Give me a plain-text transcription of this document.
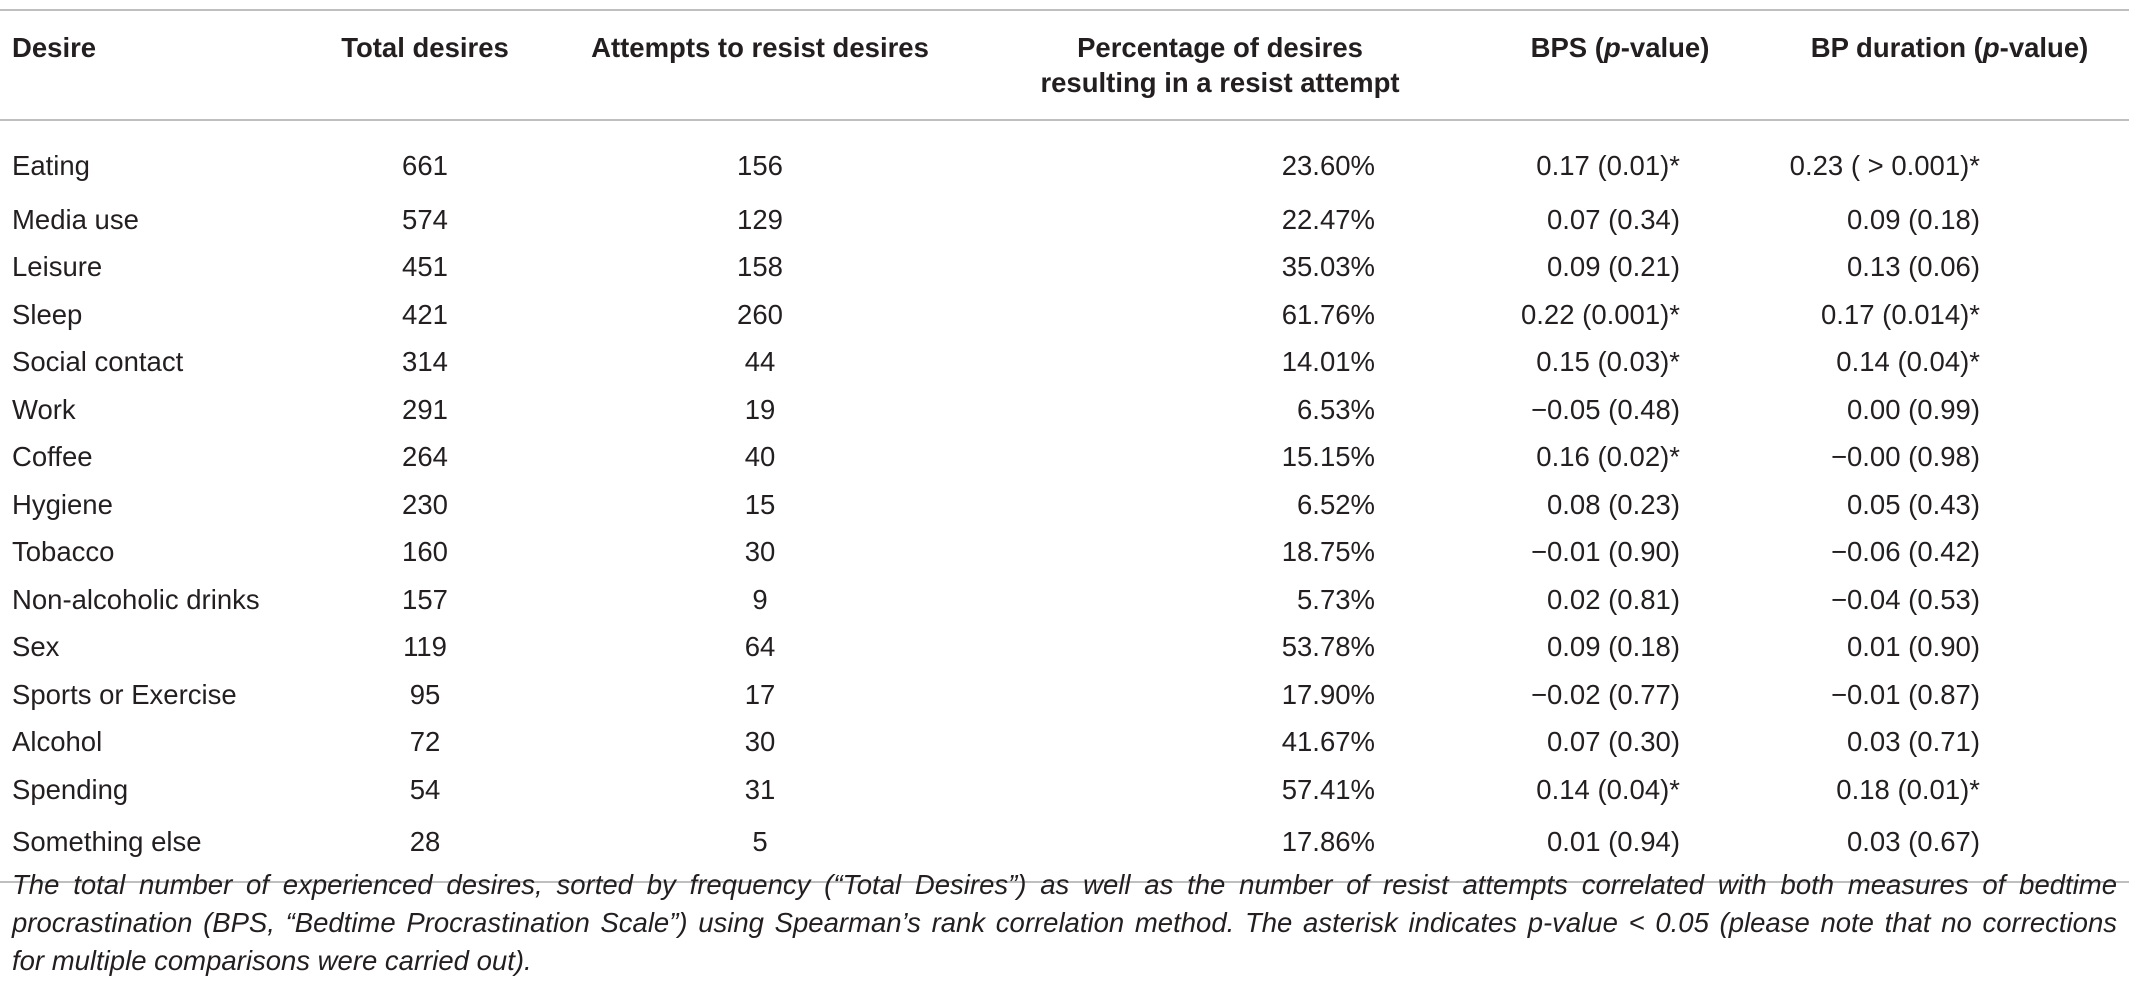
Desire	Total desires	Attempts to resist desires	Percentage of desires
resulting in a resist attempt	BPS (p-value)	BP duration (p-value)
Eating	661	156	23.60%	0.17 (0.01)*	0.23 ( > 0.001)*
Media use	574	129	22.47%	0.07 (0.34)	0.09 (0.18)
Leisure	451	158	35.03%	0.09 (0.21)	0.13 (0.06)
Sleep	421	260	61.76%	0.22 (0.001)*	0.17 (0.014)*
Social contact	314	44	14.01%	0.15 (0.03)*	0.14 (0.04)*
Work	291	19	6.53%	−0.05 (0.48)	0.00 (0.99)
Coffee	264	40	15.15%	0.16 (0.02)*	−0.00 (0.98)
Hygiene	230	15	6.52%	0.08 (0.23)	0.05 (0.43)
Tobacco	160	30	18.75%	−0.01 (0.90)	−0.06 (0.42)
Non-alcoholic drinks	157	9	5.73%	0.02 (0.81)	−0.04 (0.53)
Sex	119	64	53.78%	0.09 (0.18)	0.01 (0.90)
Sports or Exercise	95	17	17.90%	−0.02 (0.77)	−0.01 (0.87)
Alcohol	72	30	41.67%	0.07 (0.30)	0.03 (0.71)
Spending	54	31	57.41%	0.14 (0.04)*	0.18 (0.01)*
Something else	28	5	17.86%	0.01 (0.94)	0.03 (0.67)
The total number of experienced desires, sorted by frequency (“Total Desires”) as well as the number of resist attempts correlated with both measures of bedtime
procrastination (BPS, “Bedtime Procrastination Scale”) using Spearman’s rank correlation method. The asterisk indicates p-value < 0.05 (please note that no corrections
for multiple comparisons were carried out).
